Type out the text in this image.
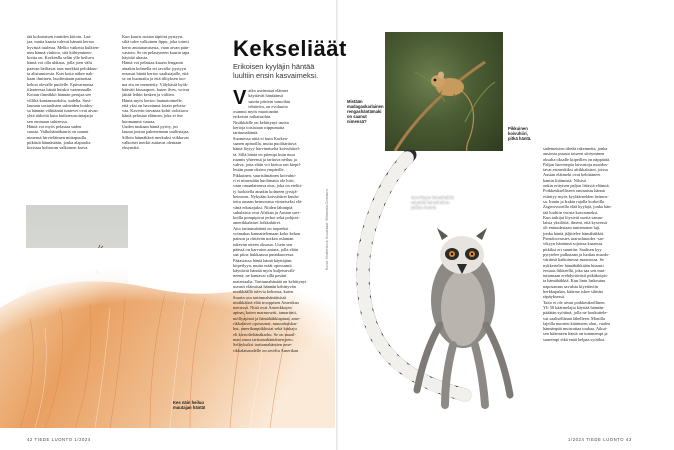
tää kokonaisen tuntiden kiitoin. Laa-
jaa, mutta kaarta tulevat hännät kertoo
hyvästä tuulesta. Melko vaikeita kulkien-
mm hännä viuhtoo, sitä kiihtyminen-
koitta on. Korkealla selän ylle heiluva
häntä voi olla uhkaus, jolla joen välit
paavan heiltavat taas merkkiä pelokkuu-
ta alistumisesta. Kun kotta näkee nak-
kaan ilmiinen, huolimttaan painottaa
kehon olevalle puolelle. Epävarmassa
tilanteessa häntä huiskii vaaemmalle.
Koiran ilmeäkkö hännän perujaa see
villiltä kantamuodolta, sudelta. Susi-
lauman sosiaalisten suhteiden hoidos-
sa hännän välittämät tuntevet ovat aivan
yhtä tärkeitä kuin kuilaiesosointajarja
sen ominaan suhteessa.
Häntä voi myös pelastaa suden
suusta. Valkohäntäkauris on saanut
nimensä hirvieläimen mittapuulla
pitkästä hännästään, jonka alapuolta
koristaa hohtavan valkoinen karva.
Kun kauris nostaa täpöisä pystyyn,
siltä tulee valkoinen lippu, joka toimii
kerro antautumisesta, vaan aivan päin-
vastoin. Se on pelastyneen kaurin tapa
häyttää uhasta.
Häntä voi pelastaa kaurin lenganin
ainakin kolmella eri tavalla: pystyyn
noussut häntä kertoo saalistajalle, että
se on huomattu ja että tilityksen tuo-
ma etu on menetetty. Välykästä hyök-
kääväit kiusaapoet, kuten ilves, voivat
jättää leikin kesken ja viiliien.
Häntä myös kertoo laumatoimelle,
että yksi on havainnut lotain pelotta-
vaa. Kaverin tarvanaa kohti oolottava
häntä pelastaa eläimen, joka ei itse
huomannut vaaraa.
Uuden mukaan häntä pyrity, jos
lauma joutuu pakenemaan saaliistajaa.
Silloin hännäkkeä merkuksi viikkuvat
valkoiset merkit auttavat olemaan
eksymätä.
Kes näin heiluu
muutajan häntä!
Kekseliäät
Erikoisen kyyläjin häntää luultiin ensin kasvaimeksi.
V aiko useimmat eläimet
käyttävät häntäänsä
suurin piirtein samoihin
tehtäviin, on evoluutio
osannut myös muotoaniin
erikoisin ratkaisuihin.
Nisäkkäille on kehittynyt useita
kertoja toisistaan riippumatta
tarttumahäntä.
Suomessa niitä ei kuin Korkea-
saaren apinoilla, mutta puolitarttuva
häntä löytyy harvinaiselta koivuhiirel-
tä. Sillä häntä on pitempi kuin muu
ruumis yhteensä ja tarttuva neiluu ja
vahva, jotta eläin voi kietoa sen kiepil-
lesiän puun oksien ympärille.
Pikkuinen, suurisilmäinen koivuhii-
ri ei nimestään huolimatta ole hiiri,
vaan omanlaisensa otus, joka on eteltti-
ty luokitella ainakin kolmeen jyrsijä-
heimoon. Nykyään koivuhiiret kuulu-
tettu omaan heimoonsa viimeiseksi elä-
vänä edustajaksi. Niiden lähimpiä
sukulaisia ovat Afrikan ja Aasian savi-
koilla pompipivat jerboi sekä pohjois-
amerikkalaiset loikkahiiret.
Aito tarttumahäntä on tarpeeksi
voimakas kannattelemaan koko kehon
painon ja riittävän notkea oslaman
tukevan otteen oksasta. Usein sen
päässä on karvaton antura, jolla eläin
saa pitoa liukkaassa puunkuoressa.
Pääasiassa häntä häntä käyttäjäns
kiipeilyyn, mutta eräät opossumit
käyttävät häntää myös kuljetusväli-
neenä: ne kantavat sillä pesäni
materiaalia. Tarttumahäntää on kehittynyt
useasti eläimissä hännän kehittyvän
nisäkkäällä tulevia kehonsa, kuten
Suurin osa tarttumahäntäisistä
nisäkkäistä elää trooppisen Amerikan
metsissä. Niitä ovat Amerikkojen
apinat, kuten marmosetit, tamariinit,
möllyapinat ja hämähäkkiapinat, ame-
rikkalaiset opossumit, muurahaiskar-
hut, amerikanpiikkisiat sekä kinkaju
eli kiertoliehänäkarhu. Se on maail-
man ainoa tarttumahäntäinen peto.
Selityksiksi tarttumahäntien ame-
rikkalaisuudelle on arveltu Amerikan
Kuvat: Shutterstock, Kuvakkaat: Wikimedia Commons
Mistään
madagaskarlainen
rengashäntämaki
on saanut nimensä?
Pikkuinen
koivuhiiri,
pitkä häntä.
Sarvikyyn hämähäkki
näyttää hämähäkin-
pitkän häntä.
sademetsien tiheää rakennetta, jonka
ansiosta puusta toiseen siirtyminen
oksalta oksalle kiipeillen on näppärää.
Paljon harvempia latvustoja muodos-
tavat esimerkiksi afrikkalaiset, joissa
Aasian eläimekt ovat kehittäneet
kantin liitämistä. Nilsisä
onkin erityisen paljon liitäviä eläimiä.
Poikkeukselliseen ominaistu hännä
esiintyy myös kyyläärnelden heimos-
sa. Iranin ja Irakin rajalla korkeilla
Zagrosvuorilla elää kyylajä, jonka hän-
tää luultiin vuosia kasvaimeksi.
Kun tutkijat löysivät useita samar-
laisia yksilöitä, ilmeni, että kyseessä
oli entuudestaan tuntematon laji,
jonka häntä jäljittelee hämähäkkiä.
Pseudocerastes urarachnoides -sar-
vikyyn häntänsä sojottaa kaaressa
pitkiksi eri suuntiin. Saalisen kyy
pyrytelee pulkutaan ja luottaa muodo-
väritnsä katkoinessa maastossa. Se
nykkertelee hämähäkkiään hitaasti
eestaas liikkeellä, joka saa sen mui-
tuttamaan erehdyttävästi pitkäkoipis-
ta hämähäkkiä. Kun lintu laskeutuu
naposaman savulsta kiyettäviin
herkkupalan, käärme iskee silmän
räpäyksessä.
Taito ei ole aivan poikkeuksellinen.
Yli 50 käärmelajia käyttää hännän-
pääätän syöttinä, jolla ne houkuttele-
vat saalisellännä lähelleen. Monilla
lajeilla nuorten käärmeen ohut, vaalea
hännänpää muistuttaa toukaa. Aikui-
sen käärmeen häntä on tummempi ja
suurempi eikä enää kelpaa syötiksi.
42 TIEDE LUONTO 1/2024	1/2024 TIEDE LUONTO 43
